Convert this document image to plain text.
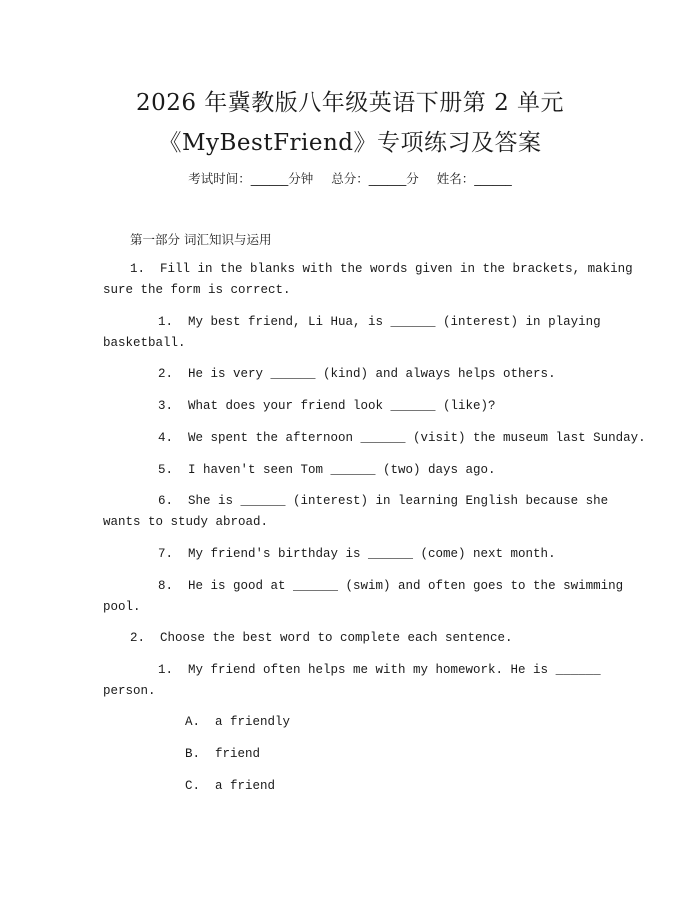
2026 年冀教版八年级英语下册第 2 单元
《MyBestFriend》专项练习及答案
考试时间：______分钟 总分：______分 姓名：______
第一部分 词汇知识与运用
1.  Fill in the blanks with the words given in the brackets, making
sure the form is correct.
1.  My best friend, Li Hua, is ______ (interest) in playing
basketball.
2.  He is very ______ (kind) and always helps others.
3.  What does your friend look ______ (like)?
4.  We spent the afternoon ______ (visit) the museum last Sunday.
5.  I haven't seen Tom ______ (two) days ago.
6.  She is ______ (interest) in learning English because she
wants to study abroad.
7.  My friend's birthday is ______ (come) next month.
8.  He is good at ______ (swim) and often goes to the swimming
pool.
2.  Choose the best word to complete each sentence.
1.  My friend often helps me with my homework. He is ______
person.
A.  a friendly
B.  friend
C.  a friend
